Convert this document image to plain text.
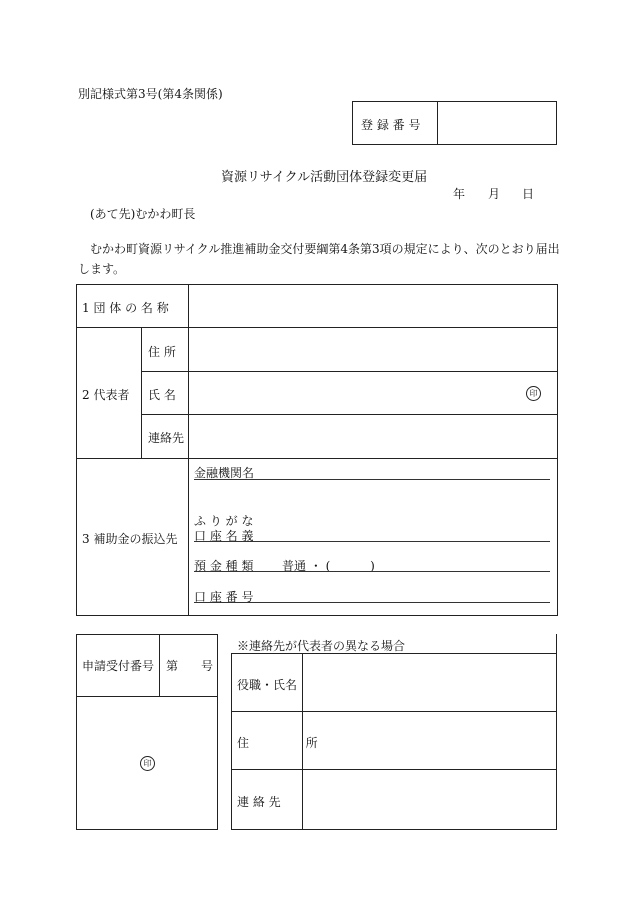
別記様式第3号(第4条関係)
登 録 番 号
資源リサイクル活動団体登録変更届
年 月 日
(あて先)むかわ町長
むかわ町資源リサイクル推進補助金交付要綱第4条第3項の規定により、次のとおり届出
します。
1 団 体 の 名 称
2 代表者
住 所
氏 名	印
連絡先
3 補助金の振込先
金融機関名
ふ り が な
口 座 名 義
預 金 種 類 普通 ・ (　　　 )
口 座 番 号
申請受付番号 第 号
印
※連絡先が代表者の異なる場合
役職・氏名
住 所
連 絡 先
